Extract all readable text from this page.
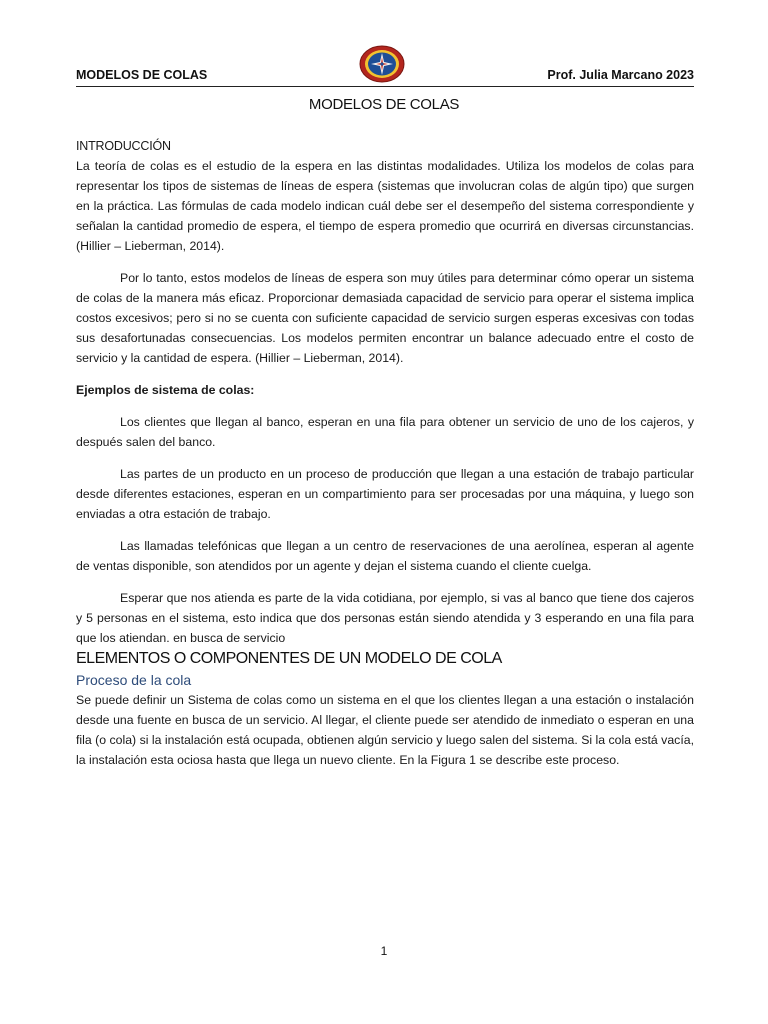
MODELOS DE COLAS	Prof. Julia Marcano 2023
MODELOS DE COLAS

INTRODUCCIÓN

La teoría de colas es el estudio de la espera en las distintas modalidades. Utiliza los modelos de colas para representar los tipos de sistemas de líneas de espera (sistemas que involucran colas de algún tipo) que surgen en la práctica. Las fórmulas de cada modelo indican cuál debe ser el desempeño del sistema correspondiente y señalan la cantidad promedio de espera, el tiempo de espera promedio que ocurrirá en diversas circunstancias. (Hillier – Lieberman, 2014).

Por lo tanto, estos modelos de líneas de espera son muy útiles para determinar cómo operar un sistema de colas de la manera más eficaz. Proporcionar demasiada capacidad de servicio para operar el sistema implica costos excesivos; pero si no se cuenta con suficiente capacidad de servicio surgen esperas excesivas con todas sus desafortunadas consecuencias. Los modelos permiten encontrar un balance adecuado entre el costo de servicio y la cantidad de espera. (Hillier – Lieberman, 2014).

Ejemplos de sistema de colas:

Los clientes que llegan al banco, esperan en una fila para obtener un servicio de uno de los cajeros, y después salen del banco.

Las partes de un producto en un proceso de producción que llegan a una estación de trabajo particular desde diferentes estaciones, esperan en un compartimiento para ser procesadas por una máquina, y luego son enviadas a otra estación de trabajo.

Las llamadas telefónicas que llegan a un centro de reservaciones de una aerolínea, esperan al agente de ventas disponible, son atendidos por un agente y dejan el sistema cuando el cliente cuelga.

Esperar que nos atienda es parte de la vida cotidiana, por ejemplo, si vas al banco que tiene dos cajeros y 5 personas en el sistema, esto indica que dos personas están siendo atendida y 3 esperando en una fila para que los atiendan. en busca de servicio

ELEMENTOS O COMPONENTES DE UN MODELO DE COLA

Proceso de la cola

Se puede definir un Sistema de colas como un sistema en el que los clientes llegan a una estación o instalación desde una fuente en busca de un servicio. Al llegar, el cliente puede ser atendido de inmediato o esperan en una fila (o cola) si la instalación está ocupada, obtienen algún servicio y luego salen del sistema. Si la cola está vacía, la instalación esta ociosa hasta que llega un nuevo cliente. En la Figura 1 se describe este proceso.

1
